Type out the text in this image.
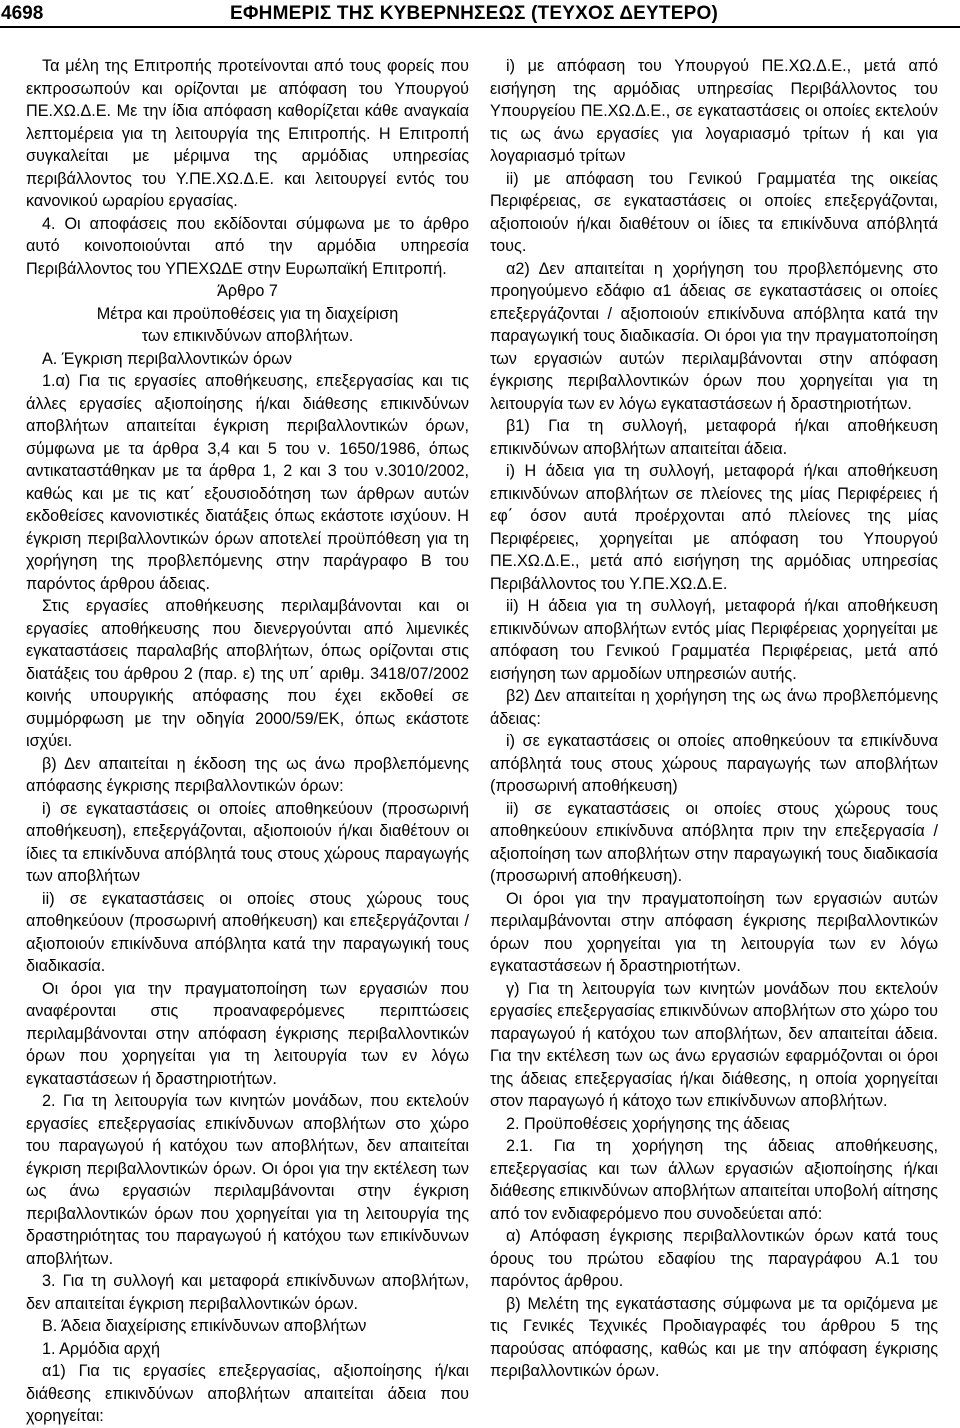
4698	ΕΦΗΜΕΡΙΣ ΤΗΣ ΚΥΒΕΡΝΗΣΕΩΣ (ΤΕΥΧΟΣ ΔΕΥΤΕΡΟ)

Τα μέλη της Επιτροπής προτείνονται από τους φορείς που εκπροσωπούν και ορίζονται με απόφαση του Υπουργού ΠΕ.ΧΩ.Δ.Ε. Με την ίδια απόφαση καθορίζεται κάθε αναγκαία λεπτομέρεια για τη λειτουργία της Επιτροπής. Η Επιτροπή συγκαλείται με μέριμνα της αρμόδιας υπηρεσίας περιβάλλοντος του Υ.ΠΕ.ΧΩ.Δ.Ε. και λειτουργεί εντός του κανονικού ωραρίου εργασίας.

4. Οι αποφάσεις που εκδίδονται σύμφωνα με το άρθρο αυτό κοινοποιούνται από την αρμόδια υπηρεσία Περιβάλλοντος του ΥΠΕΧΩΔΕ στην Ευρωπαϊκή Επιτροπή.

Άρθρο 7

Μέτρα και προϋποθέσεις για τη διαχείριση

των επικινδύνων αποβλήτων.

Α. Έγκριση περιβαλλοντικών όρων

1.α) Για τις εργασίες αποθήκευσης, επεξεργασίας και τις άλλες εργασίες αξιοποίησης ή/και διάθεσης επικινδύνων αποβλήτων απαιτείται έγκριση περιβαλλοντικών όρων, σύμφωνα με τα άρθρα 3,4 και 5 του ν. 1650/1986, όπως αντικαταστάθηκαν με τα άρθρα 1, 2 και 3 του ν.3010/2002, καθώς και με τις κατ΄ εξουσιοδότηση των άρθρων αυτών εκδοθείσες κανονιστικές διατάξεις όπως εκάστοτε ισχύουν. Η έγκριση περιβαλλοντικών όρων αποτελεί προϋπόθεση για τη χορήγηση της προβλεπόμενης στην παράγραφο Β του παρόντος άρθρου άδειας.

Στις εργασίες αποθήκευσης περιλαμβάνονται και οι εργασίες αποθήκευσης που διενεργούνται από λιμενικές εγκαταστάσεις παραλαβής αποβλήτων, όπως ορίζονται στις διατάξεις του άρθρου 2 (παρ. ε) της υπ΄ αριθμ. 3418/07/2002 κοινής υπουργικής απόφασης που έχει εκδοθεί σε συμμόρφωση με την οδηγία 2000/59/ΕΚ, όπως εκάστοτε ισχύει.

β) Δεν απαιτείται η έκδοση της ως άνω προβλεπόμενης απόφασης έγκρισης περιβαλλοντικών όρων:

i) σε εγκαταστάσεις οι οποίες αποθηκεύουν (προσωρινή αποθήκευση), επεξεργάζονται, αξιοποιούν ή/και διαθέτουν οι ίδιες τα επικίνδυνα απόβλητά τους στους χώρους παραγωγής των αποβλήτων

ii) σε εγκαταστάσεις οι οποίες στους χώρους τους αποθηκεύουν (προσωρινή αποθήκευση) και επεξεργάζονται / αξιοποιούν επικίνδυνα απόβλητα κατά την παραγωγική τους διαδικασία.

Οι όροι για την πραγματοποίηση των εργασιών που αναφέρονται στις προαναφερόμενες περιπτώσεις περιλαμβάνονται στην απόφαση έγκρισης περιβαλλοντικών όρων που χορηγείται για τη λειτουργία των εν λόγω εγκαταστάσεων ή δραστηριοτήτων.

2. Για τη λειτουργία των κινητών μονάδων, που εκτελούν εργασίες επεξεργασίας επικίνδυνων αποβλήτων στο χώρο του παραγωγού ή κατόχου των αποβλήτων, δεν απαιτείται έγκριση περιβαλλοντικών όρων. Οι όροι για την εκτέλεση των ως άνω εργασιών περιλαμβάνονται στην έγκριση περιβαλλοντικών όρων που χορηγείται για τη λειτουργία της δραστηριότητας του παραγωγού ή κατόχου των επικίνδυνων αποβλήτων.

3. Για τη συλλογή και μεταφορά επικίνδυνων αποβλήτων, δεν απαιτείται έγκριση περιβαλλοντικών όρων.

Β. Άδεια διαχείρισης επικίνδυνων αποβλήτων

1. Αρμόδια αρχή

α1) Για τις εργασίες επεξεργασίας, αξιοποίησης ή/και διάθεσης επικινδύνων αποβλήτων απαιτείται άδεια που χορηγείται:

i) με απόφαση του Υπουργού ΠΕ.ΧΩ.Δ.Ε., μετά από εισήγηση της αρμόδιας υπηρεσίας Περιβάλλοντος του Υπουργείου ΠΕ.ΧΩ.Δ.Ε., σε εγκαταστάσεις οι οποίες εκτελούν τις ως άνω εργασίες για λογαριασμό τρίτων ή και για λογαριασμό τρίτων

ii) με απόφαση του Γενικού Γραμματέα της οικείας Περιφέρειας, σε εγκαταστάσεις οι οποίες επεξεργάζονται, αξιοποιούν ή/και διαθέτουν οι ίδιες τα επικίνδυνα απόβλητά τους.

α2) Δεν απαιτείται η χορήγηση του προβλεπόμενης στο προηγούμενο εδάφιο α1 άδειας σε εγκαταστάσεις οι οποίες επεξεργάζονται / αξιοποιούν επικίνδυνα απόβλητα κατά την παραγωγική τους διαδικασία. Οι όροι για την πραγματοποίηση των εργασιών αυτών περιλαμβάνονται στην απόφαση έγκρισης περιβαλλοντικών όρων που χορηγείται για τη λειτουργία των εν λόγω εγκαταστάσεων ή δραστηριοτήτων.

β1) Για τη συλλογή, μεταφορά ή/και αποθήκευση επικινδύνων αποβλήτων απαιτείται άδεια.

i) Η άδεια για τη συλλογή, μεταφορά ή/και αποθήκευση επικινδύνων αποβλήτων σε πλείονες της μίας Περιφέρειες ή εφ΄ όσον αυτά προέρχονται από πλείονες της μίας Περιφέρειες, χορηγείται με απόφαση του Υπουργού ΠΕ.ΧΩ.Δ.Ε., μετά από εισήγηση της αρμόδιας υπηρεσίας Περιβάλλοντος του Υ.ΠΕ.ΧΩ.Δ.Ε.

ii) Η άδεια για τη συλλογή, μεταφορά ή/και αποθήκευση επικινδύνων αποβλήτων εντός μίας Περιφέρειας χορηγείται με απόφαση του Γενικού Γραμματέα Περιφέρειας, μετά από εισήγηση των αρμοδίων υπηρεσιών αυτής.

β2) Δεν απαιτείται η χορήγηση της ως άνω προβλεπόμενης άδειας:

i) σε εγκαταστάσεις οι οποίες αποθηκεύουν τα επικίνδυνα απόβλητά τους στους χώρους παραγωγής των αποβλήτων (προσωρινή αποθήκευση)

ii) σε εγκαταστάσεις οι οποίες στους χώρους τους αποθηκεύουν επικίνδυνα απόβλητα πριν την επεξεργασία / αξιοποίηση των αποβλήτων στην παραγωγική τους διαδικασία (προσωρινή αποθήκευση).

Οι όροι για την πραγματοποίηση των εργασιών αυτών περιλαμβάνονται στην απόφαση έγκρισης περιβαλλοντικών όρων που χορηγείται για τη λειτουργία των εν λόγω εγκαταστάσεων ή δραστηριοτήτων.

γ) Για τη λειτουργία των κινητών μονάδων που εκτελούν εργασίες επεξεργασίας επικινδύνων αποβλήτων στο χώρο του παραγωγού ή κατόχου των αποβλήτων, δεν απαιτείται άδεια. Για την εκτέλεση των ως άνω εργασιών εφαρμόζονται οι όροι της άδειας επεξεργασίας ή/και διάθεσης, η οποία χορηγείται στον παραγωγό ή κάτοχο των επικίνδυνων αποβλήτων.

2. Προϋποθέσεις χορήγησης της άδειας

2.1. Για τη χορήγηση της άδειας αποθήκευσης, επεξεργασίας και των άλλων εργασιών αξιοποίησης ή/και διάθεσης επικινδύνων αποβλήτων απαιτείται υποβολή αίτησης από τον ενδιαφερόμενο που συνοδεύεται από:

α) Απόφαση έγκρισης περιβαλλοντικών όρων κατά τους όρους του πρώτου εδαφίου της παραγράφου Α.1 του παρόντος άρθρου.

β) Μελέτη της εγκατάστασης σύμφωνα με τα οριζόμενα με τις Γενικές Τεχνικές Προδιαγραφές του άρθρου 5 της παρούσας απόφασης, καθώς και με την απόφαση έγκρισης περιβαλλοντικών όρων.
